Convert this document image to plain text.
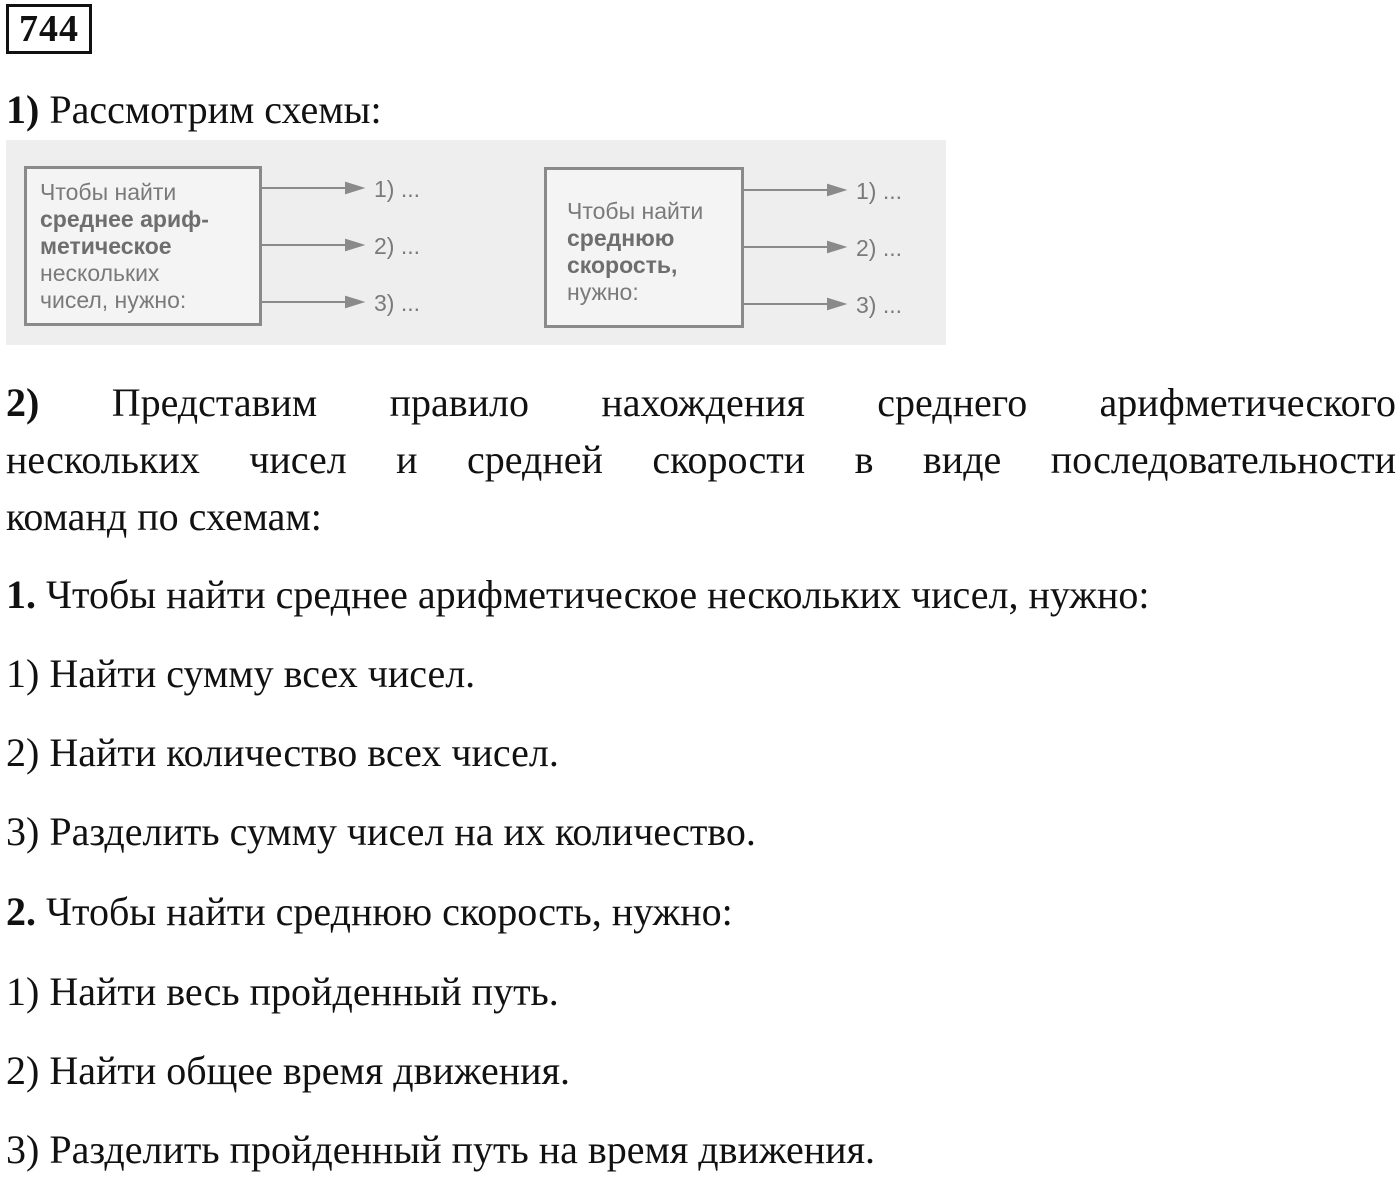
744
1) Рассмотрим схемы:
Чтобы найти
среднее ариф-
метическое
нескольких
чисел, нужно:
1) ...
2) ...
3) ...
Чтобы найти
среднюю
скорость,
нужно:
1) ...
2) ...
3) ...
2) Представим правило нахождения среднего арифметического
нескольких чисел и средней скорости в виде последовательности
команд по схемам:
1. Чтобы найти среднее арифметическое нескольких чисел, нужно:
1) Найти сумму всех чисел.
2) Найти количество всех чисел.
3) Разделить сумму чисел на их количество.
2. Чтобы найти среднюю скорость, нужно:
1) Найти весь пройденный путь.
2) Найти общее время движения.
3) Разделить пройденный путь на время движения.
